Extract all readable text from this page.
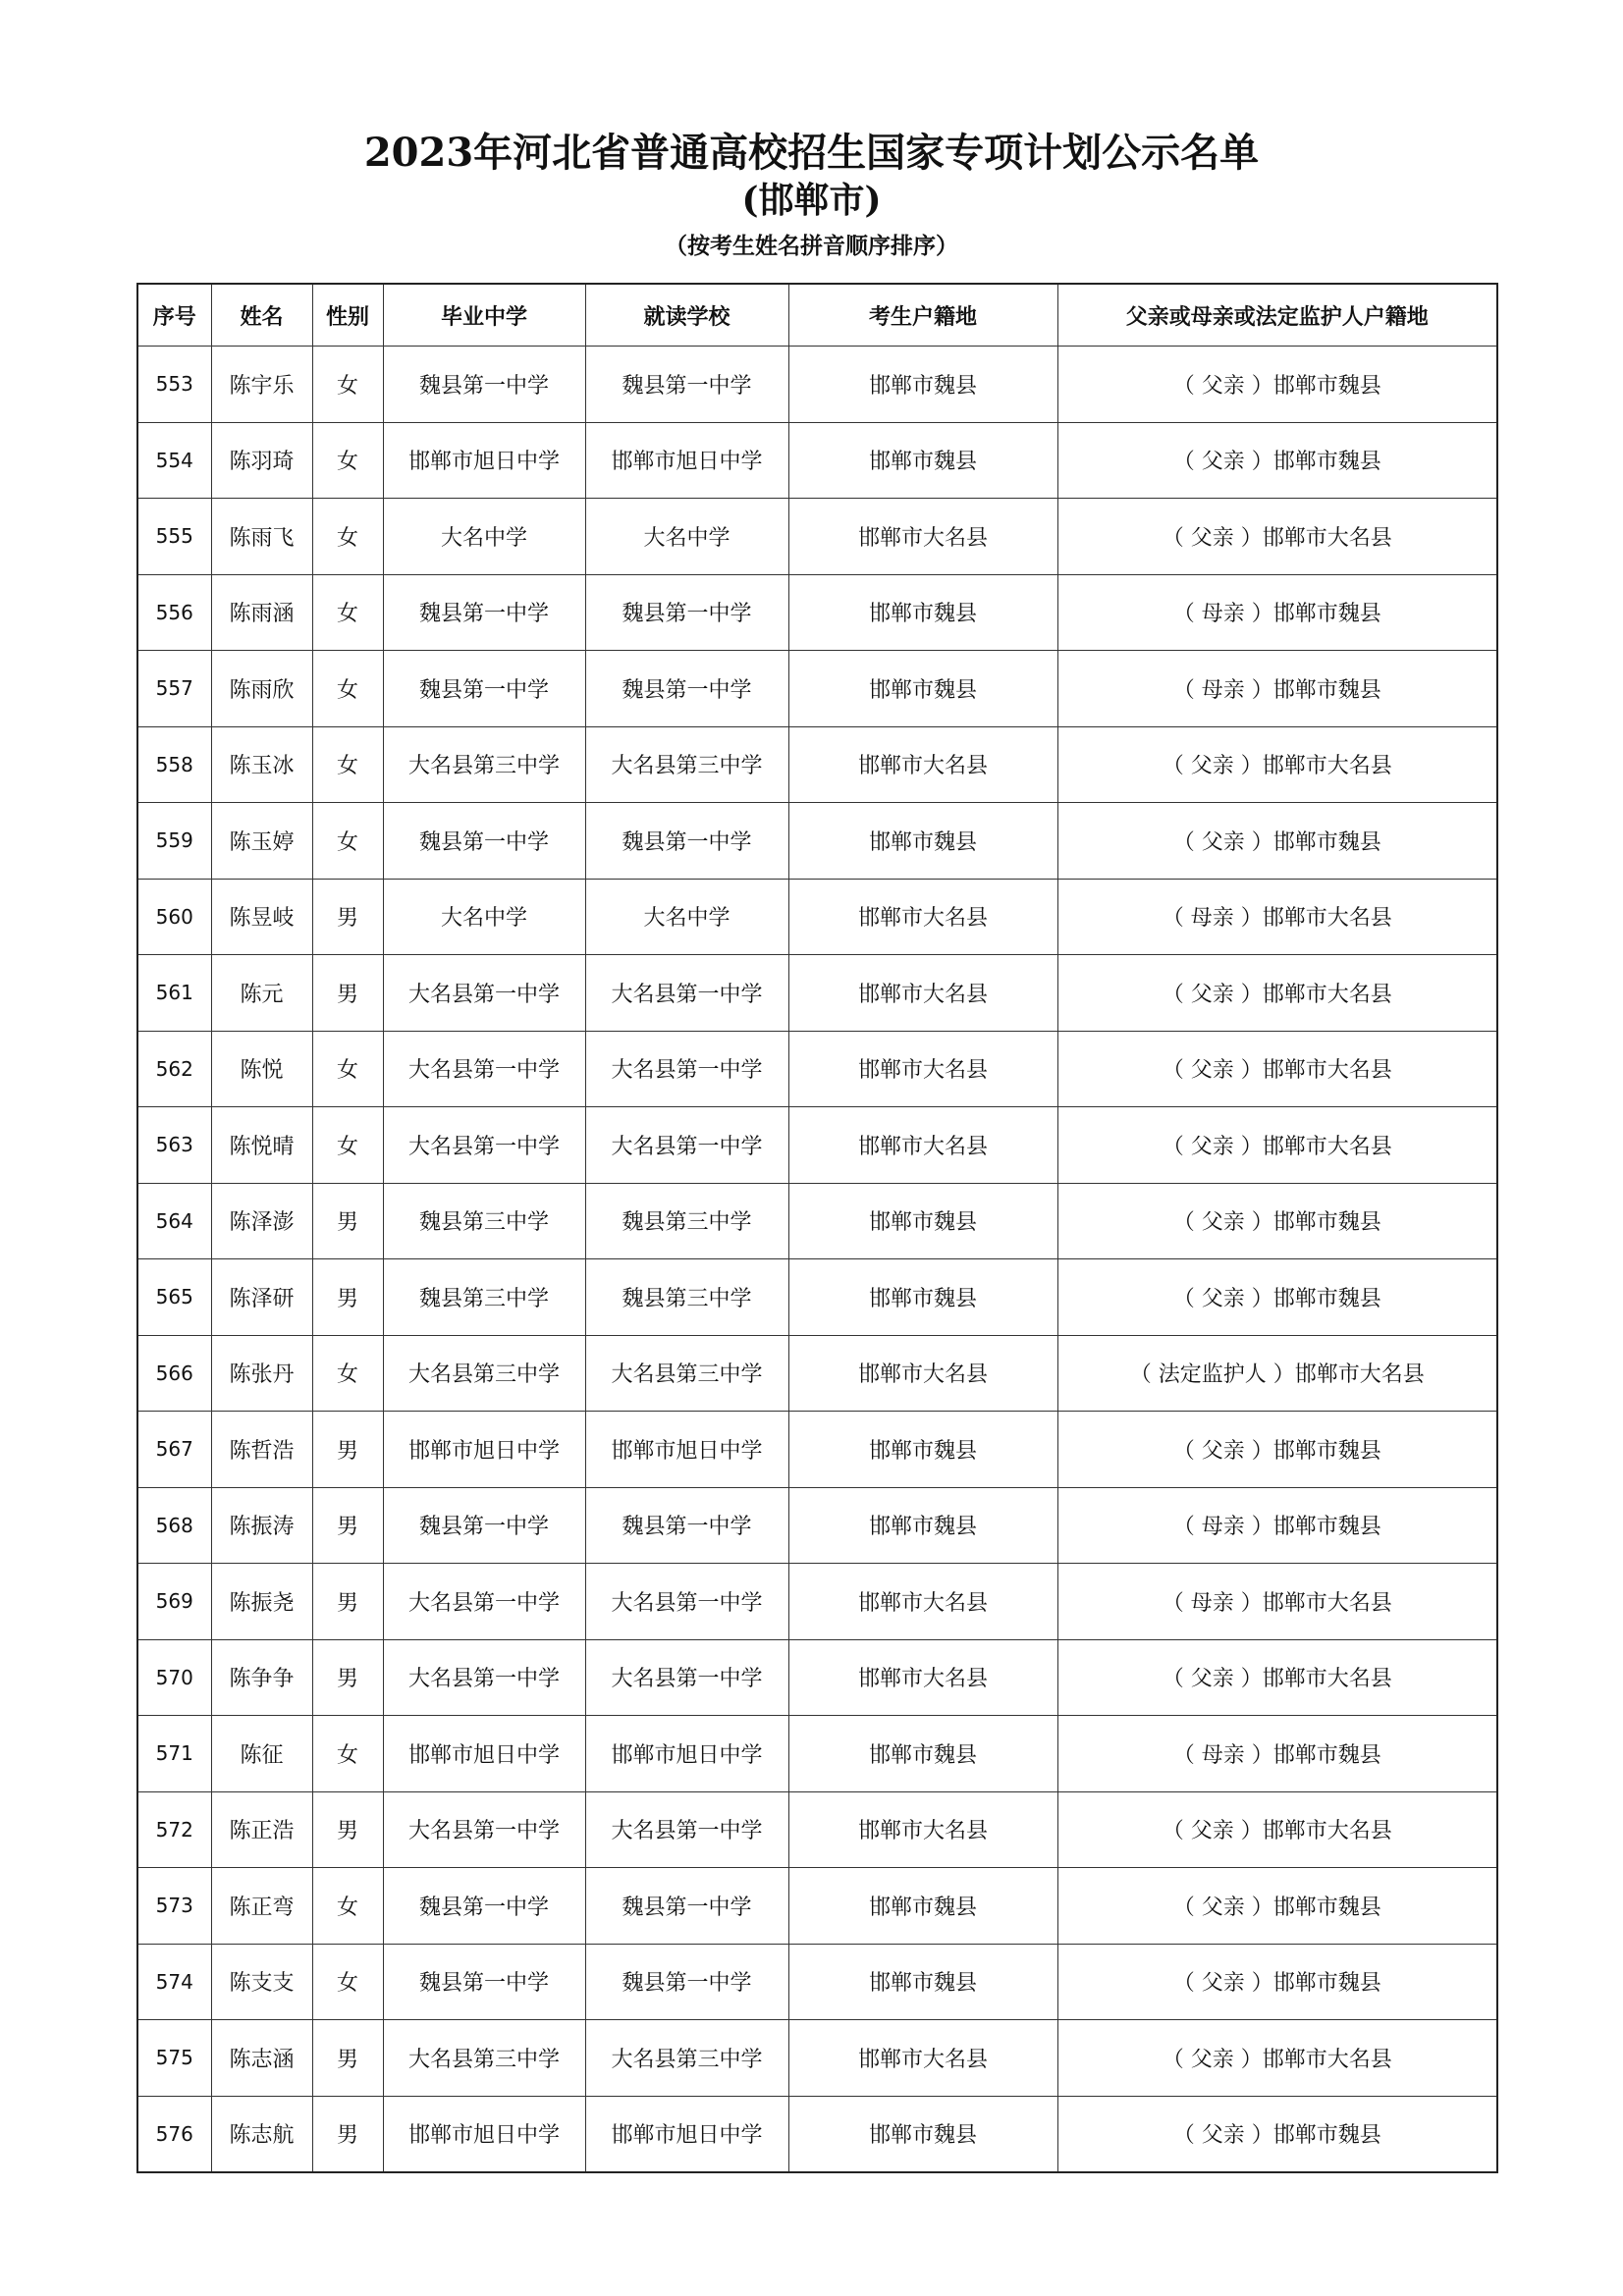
2023年河北省普通高校招生国家专项计划公示名单
(邯郸市)
（按考生姓名拼音顺序排序）
序号	姓名	性别	毕业中学	就读学校	考生户籍地	父亲或母亲或法定监护人户籍地
553	陈宇乐	女	魏县第一中学	魏县第一中学	邯郸市魏县	（ 父亲 ）邯郸市魏县
554	陈羽琦	女	邯郸市旭日中学	邯郸市旭日中学	邯郸市魏县	（ 父亲 ）邯郸市魏县
555	陈雨飞	女	大名中学	大名中学	邯郸市大名县	（ 父亲 ）邯郸市大名县
556	陈雨涵	女	魏县第一中学	魏县第一中学	邯郸市魏县	（ 母亲 ）邯郸市魏县
557	陈雨欣	女	魏县第一中学	魏县第一中学	邯郸市魏县	（ 母亲 ）邯郸市魏县
558	陈玉冰	女	大名县第三中学	大名县第三中学	邯郸市大名县	（ 父亲 ）邯郸市大名县
559	陈玉婷	女	魏县第一中学	魏县第一中学	邯郸市魏县	（ 父亲 ）邯郸市魏县
560	陈昱岐	男	大名中学	大名中学	邯郸市大名县	（ 母亲 ）邯郸市大名县
561	陈元	男	大名县第一中学	大名县第一中学	邯郸市大名县	（ 父亲 ）邯郸市大名县
562	陈悦	女	大名县第一中学	大名县第一中学	邯郸市大名县	（ 父亲 ）邯郸市大名县
563	陈悦晴	女	大名县第一中学	大名县第一中学	邯郸市大名县	（ 父亲 ）邯郸市大名县
564	陈泽澎	男	魏县第三中学	魏县第三中学	邯郸市魏县	（ 父亲 ）邯郸市魏县
565	陈泽研	男	魏县第三中学	魏县第三中学	邯郸市魏县	（ 父亲 ）邯郸市魏县
566	陈张丹	女	大名县第三中学	大名县第三中学	邯郸市大名县	（ 法定监护人 ）邯郸市大名县
567	陈哲浩	男	邯郸市旭日中学	邯郸市旭日中学	邯郸市魏县	（ 父亲 ）邯郸市魏县
568	陈振涛	男	魏县第一中学	魏县第一中学	邯郸市魏县	（ 母亲 ）邯郸市魏县
569	陈振尧	男	大名县第一中学	大名县第一中学	邯郸市大名县	（ 母亲 ）邯郸市大名县
570	陈争争	男	大名县第一中学	大名县第一中学	邯郸市大名县	（ 父亲 ）邯郸市大名县
571	陈征	女	邯郸市旭日中学	邯郸市旭日中学	邯郸市魏县	（ 母亲 ）邯郸市魏县
572	陈正浩	男	大名县第一中学	大名县第一中学	邯郸市大名县	（ 父亲 ）邯郸市大名县
573	陈正弯	女	魏县第一中学	魏县第一中学	邯郸市魏县	（ 父亲 ）邯郸市魏县
574	陈支支	女	魏县第一中学	魏县第一中学	邯郸市魏县	（ 父亲 ）邯郸市魏县
575	陈志涵	男	大名县第三中学	大名县第三中学	邯郸市大名县	（ 父亲 ）邯郸市大名县
576	陈志航	男	邯郸市旭日中学	邯郸市旭日中学	邯郸市魏县	（ 父亲 ）邯郸市魏县
